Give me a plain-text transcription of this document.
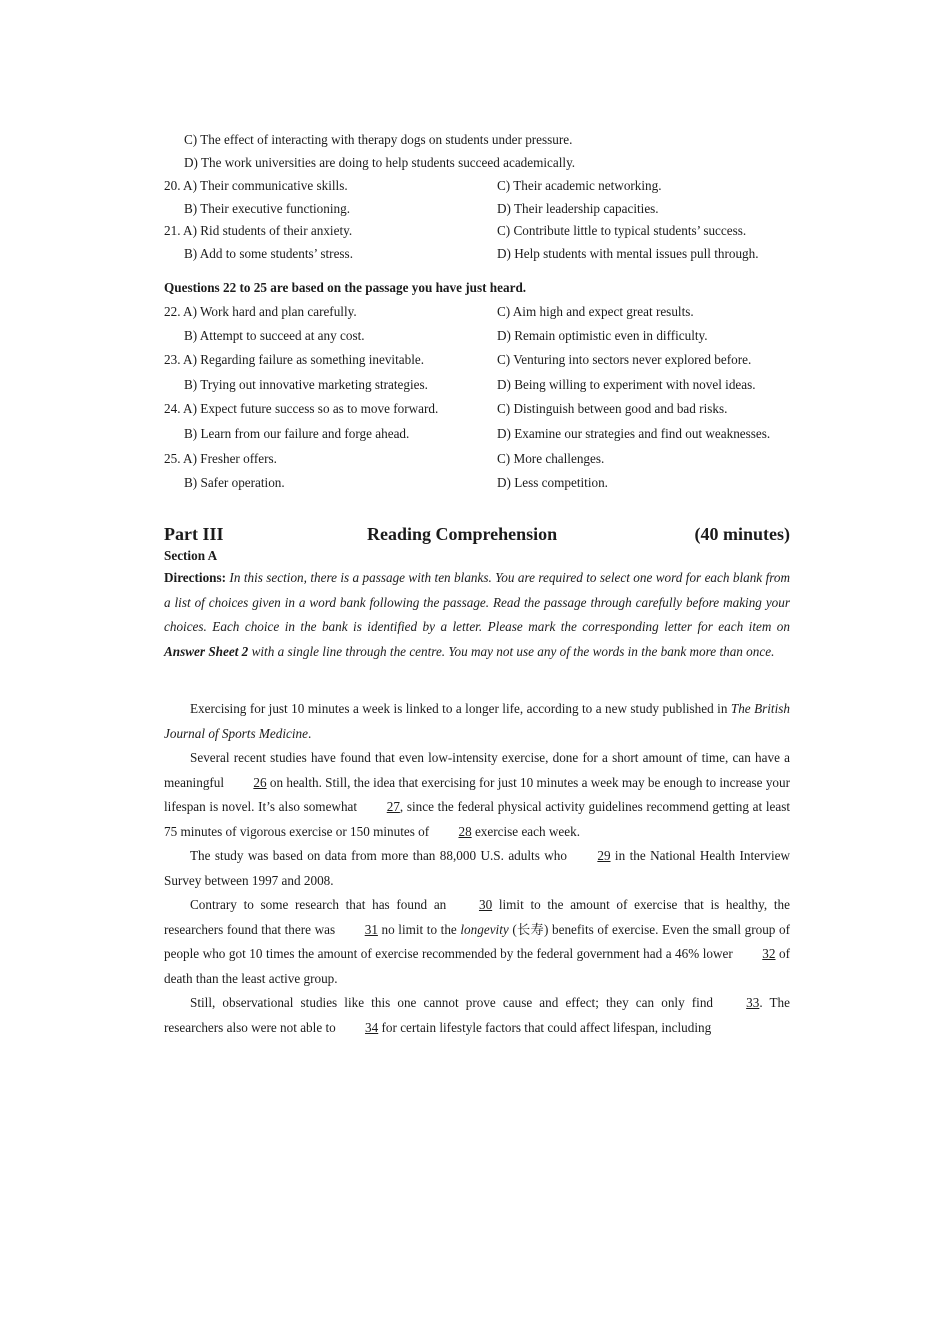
C) The effect of interacting with therapy dogs on students under pressure.
D) The work universities are doing to help students succeed academically.
20. A) Their communicative skills.	C) Their academic networking.
B) Their executive functioning.	D) Their leadership capacities.
21. A) Rid students of their anxiety.	C) Contribute little to typical students’ success.
B) Add to some students’ stress.	D) Help students with mental issues pull through.
Questions 22 to 25 are based on the passage you have just heard.
22. A) Work hard and plan carefully.	C) Aim high and expect great results.
B) Attempt to succeed at any cost.	D) Remain optimistic even in difficulty.
23. A) Regarding failure as something inevitable.	C) Venturing into sectors never explored before.
B) Trying out innovative marketing strategies.	D) Being willing to experiment with novel ideas.
24. A) Expect future success so as to move forward.	C) Distinguish between good and bad risks.
B) Learn from our failure and forge ahead.	D) Examine our strategies and find out weaknesses.
25. A) Fresher offers.	C) More challenges.
B) Safer operation.	D) Less competition.
Part III	Reading Comprehension	(40 minutes)
Section A

Directions: In this section, there is a passage with ten blanks. You are required to select one word for each blank from a list of choices given in a word bank following the passage. Read the passage through carefully before making your choices. Each choice in the bank is identified by a letter. Please mark the corresponding letter for each item on Answer Sheet 2 with a single line through the centre. You may not use any of the words in the bank more than once.

Exercising for just 10 minutes a week is linked to a longer life, according to a new study published in The British Journal of Sports Medicine.

Several recent studies have found that even low-intensity exercise, done for a short amount of time, can have a meaningful 26 on health. Still, the idea that exercising for just 10 minutes a week may be enough to increase your lifespan is novel. It’s also somewhat 27, since the federal physical activity guidelines recommend getting at least 75 minutes of vigorous exercise or 150 minutes of 28 exercise each week.

The study was based on data from more than 88,000 U.S. adults who 29 in the National Health Interview Survey between 1997 and 2008.

Contrary to some research that has found an 30 limit to the amount of exercise that is healthy, the researchers found that there was 31 no limit to the longevity (长寿) benefits of exercise. Even the small group of people who got 10 times the amount of exercise recommended by the federal government had a 46% lower 32 of death than the least active group.

Still, observational studies like this one cannot prove cause and effect; they can only find 33. The researchers also were not able to 34 for certain lifestyle factors that could affect lifespan, including
